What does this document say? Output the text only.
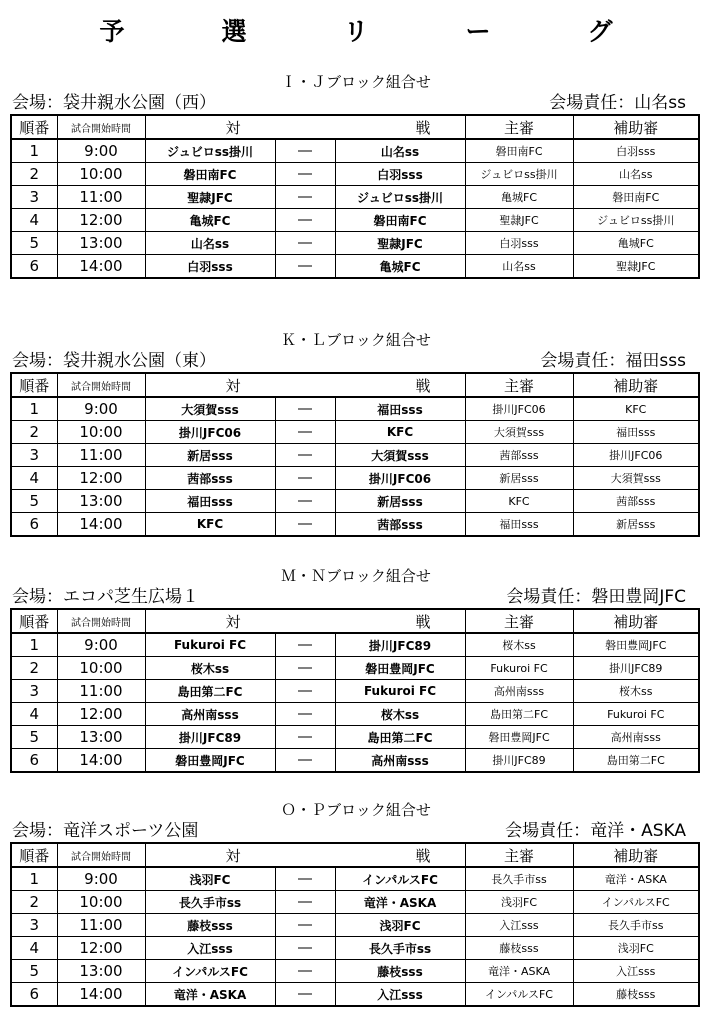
予　選　リ　ー　グ
Ｉ・Ｊブロック組合せ
会場：袋井親水公園（西）	会場責任：山名ss
順番	試合開始時間	対　戦			主審	補助審
1	9:00	ジュビロss掛川	―	山名ss	磐田南FC	白羽sss
2	10:00	磐田南FC	―	白羽sss	ジュビロss掛川	山名ss
3	11:00	聖隷JFC	―	ジュビロss掛川	亀城FC	磐田南FC
4	12:00	亀城FC	―	磐田南FC	聖隷JFC	ジュビロss掛川
5	13:00	山名ss	―	聖隷JFC	白羽sss	亀城FC
6	14:00	白羽sss	―	亀城FC	山名ss	聖隷JFC
Ｋ・Ｌブロック組合せ
会場：袋井親水公園（東）	会場責任：福田sss
順番	試合開始時間	対　戦			主審	補助審
1	9:00	大須賀sss	―	福田sss	掛川JFC06	KFC
2	10:00	掛川JFC06	―	KFC	大須賀sss	福田sss
3	11:00	新居sss	―	大須賀sss	茜部sss	掛川JFC06
4	12:00	茜部sss	―	掛川JFC06	新居sss	大須賀sss
5	13:00	福田sss	―	新居sss	KFC	茜部sss
6	14:00	KFC	―	茜部sss	福田sss	新居sss
Ｍ・Ｎブロック組合せ
会場：エコパ芝生広場１	会場責任：磐田豊岡JFC
順番	試合開始時間	対　戦			主審	補助審
1	9:00	Fukuroi FC	―	掛川JFC89	桜木ss	磐田豊岡JFC
2	10:00	桜木ss	―	磐田豊岡JFC	Fukuroi FC	掛川JFC89
3	11:00	島田第二FC	―	Fukuroi FC	高州南sss	桜木ss
4	12:00	高州南sss	―	桜木ss	島田第二FC	Fukuroi FC
5	13:00	掛川JFC89	―	島田第二FC	磐田豊岡JFC	高州南sss
6	14:00	磐田豊岡JFC	―	高州南sss	掛川JFC89	島田第二FC
Ｏ・Ｐブロック組合せ
会場：竜洋スポーツ公園	会場責任：竜洋・ASKA
順番	試合開始時間	対　戦			主審	補助審
1	9:00	浅羽FC	―	インパルスFC	長久手市ss	竜洋・ASKA
2	10:00	長久手市ss	―	竜洋・ASKA	浅羽FC	インパルスFC
3	11:00	藤枝sss	―	浅羽FC	入江sss	長久手市ss
4	12:00	入江sss	―	長久手市ss	藤枝sss	浅羽FC
5	13:00	インパルスFC	―	藤枝sss	竜洋・ASKA	入江sss
6	14:00	竜洋・ASKA	―	入江sss	インパルスFC	藤枝sss
